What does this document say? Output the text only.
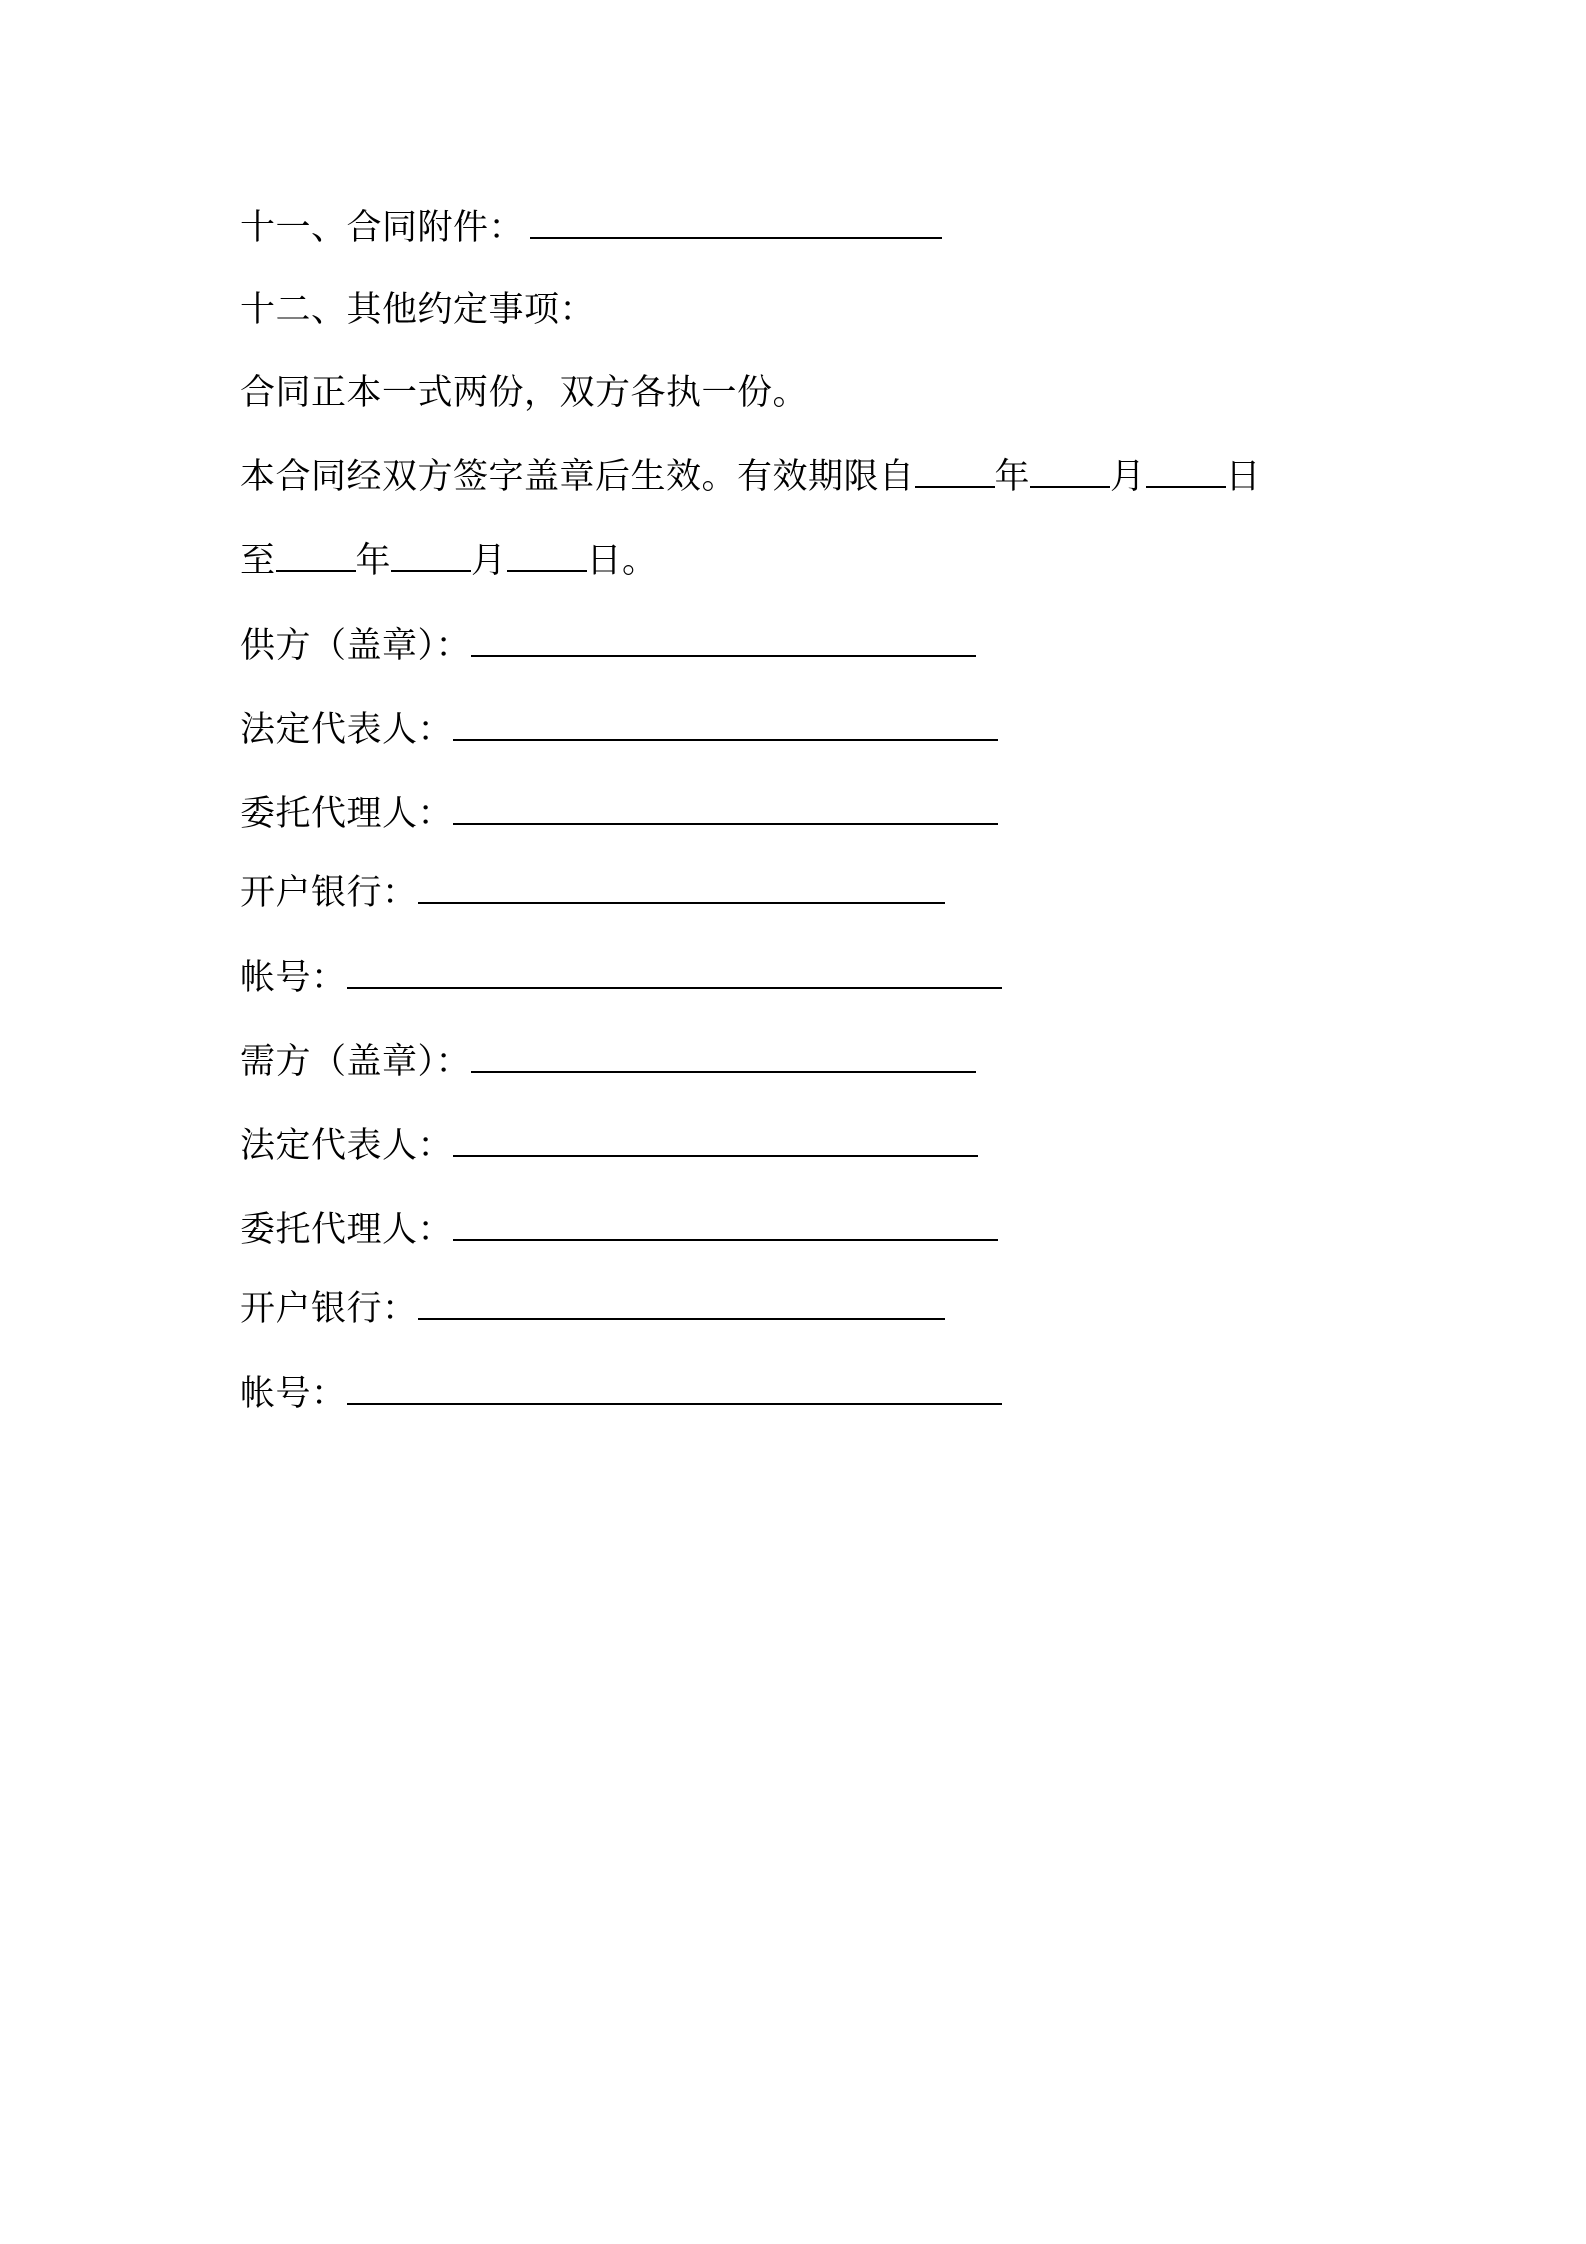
十一、合同附件：
十二、其他约定事项：
合同正本一式两份，双方各执一份。
本合同经双方签字盖章后生效。有效期限自 年 月 日
至 年 月 日。
供方（盖章）：
法定代表人：
委托代理人：
开户银行：
帐号：
需方（盖章）：
法定代表人：
委托代理人：
开户银行：
帐号：
